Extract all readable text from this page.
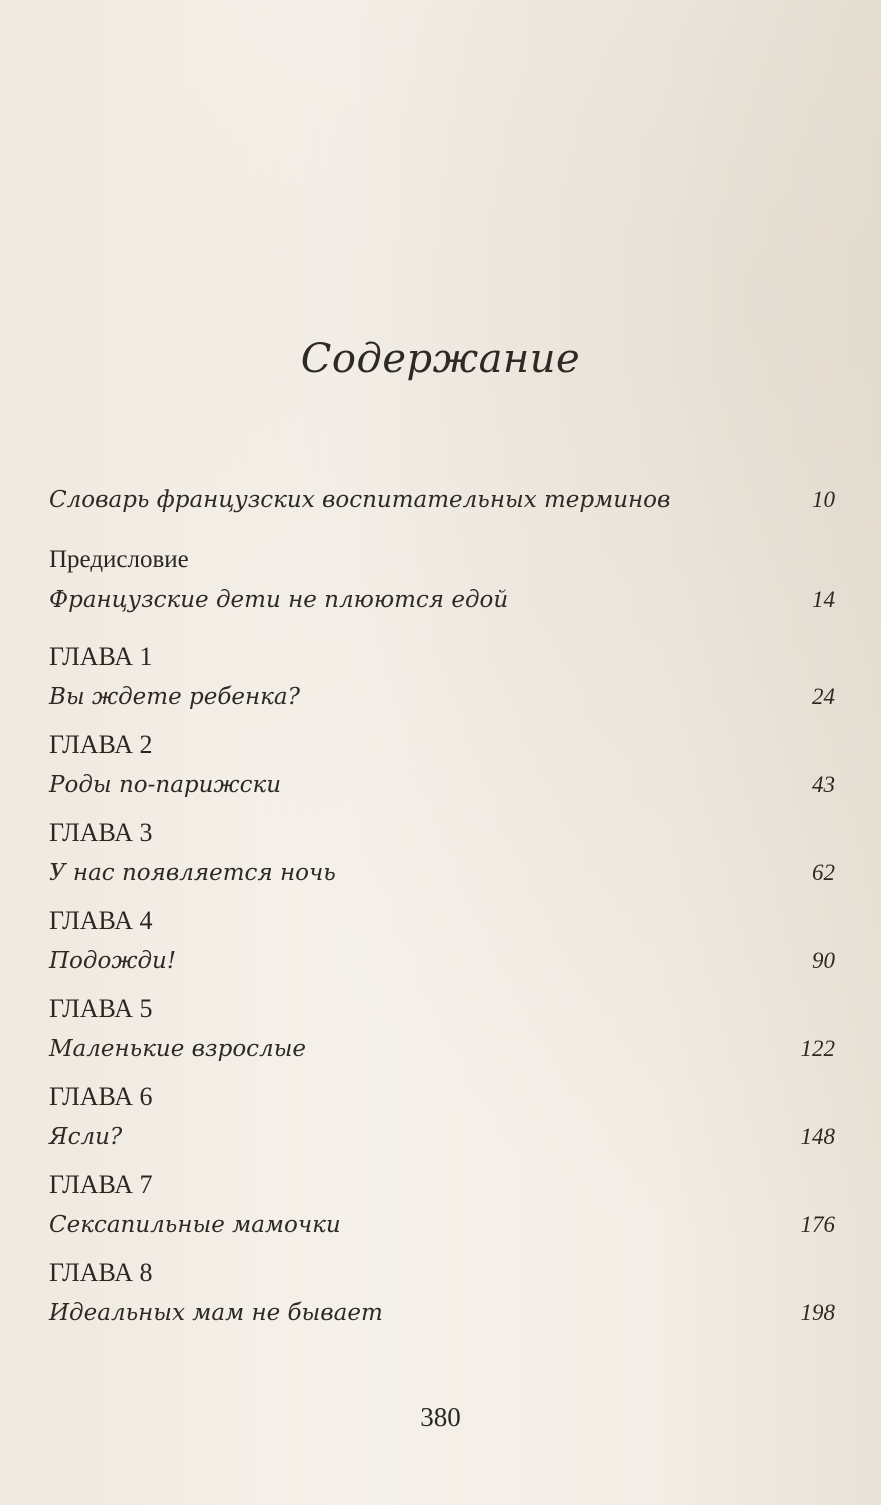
Содержание
Словарь французских воспитательных терминов	10
Предисловие
Французские дети не плюются едой	14
ГЛАВА 1
Вы ждете ребенка?	24
ГЛАВА 2
Роды по-парижски	43
ГЛАВА 3
У нас появляется ночь	62
ГЛАВА 4
Подожди!	90
ГЛАВА 5
Маленькие взрослые	122
ГЛАВА 6
Ясли?	148
ГЛАВА 7
Сексапильные мамочки	176
ГЛАВА 8
Идеальных мам не бывает	198
380
